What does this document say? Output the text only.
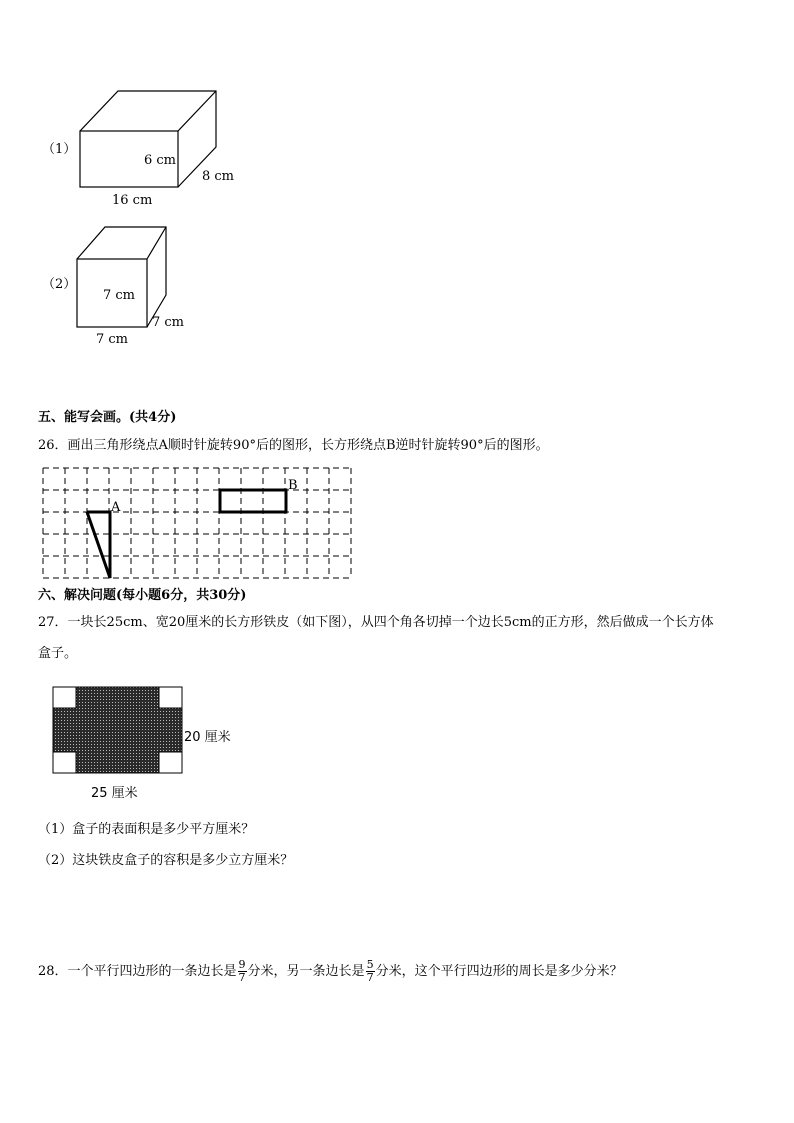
（1）
6 cm
8 cm
16 cm
7 cm
7 cm
7 cm
（2）
五、能写会画。(共4分)
26．画出三角形绕点A顺时针旋转90°后的图形，长方形绕点B逆时针旋转90°后的图形。
A
B
六、解决问题(每小题6分，共30分)
27．一块长25cm、宽20厘米的长方形铁皮（如下图），从四个角各切掉一个边长5cm的正方形，然后做成一个长方体
盒子。
20 厘米
25 厘米
（1）盒子的表面积是多少平方厘米？
（2）这块铁皮盒子的容积是多少立方厘米？
28．一个平行四边形的一条边长是 $\frac{9}{7}$ 分米，另一条边长是 $\frac{5}{7}$ 分米，这个平行四边形的周长是多少分米？
